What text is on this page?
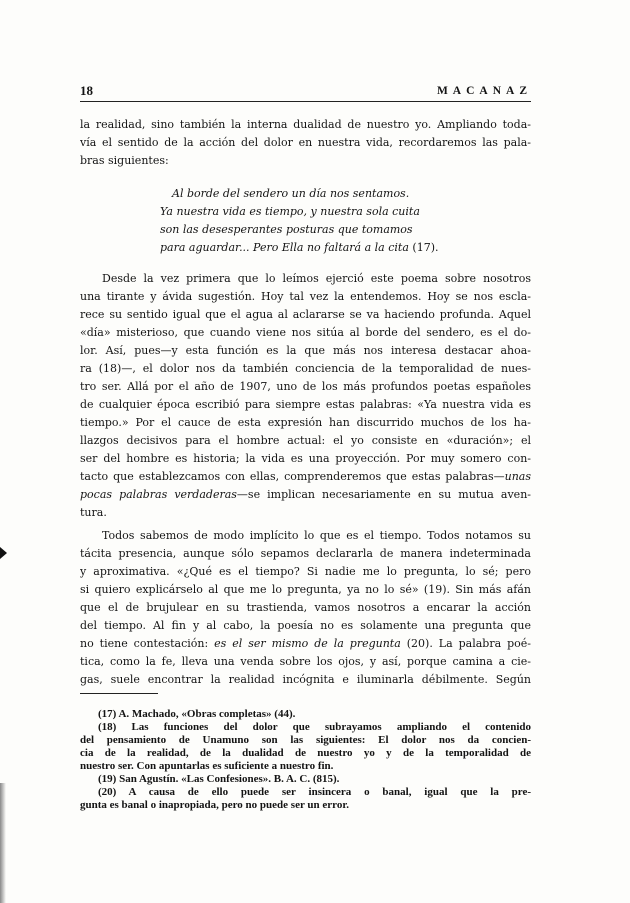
18	MACANAZ
la realidad, sino también la interna dualidad de nuestro yo. Ampliando toda-
vía el sentido de la acción del dolor en nuestra vida, recordaremos las pala-
bras siguientes:
Al borde del sendero un día nos sentamos.
Ya nuestra vida es tiempo, y nuestra sola cuita
son las desesperantes posturas que tomamos
para aguardar... Pero Ella no faltará a la cita (17).
Desde la vez primera que lo leímos ejerció este poema sobre nosotros
una tirante y ávida sugestión. Hoy tal vez la entendemos. Hoy se nos escla-
rece su sentido igual que el agua al aclararse se va haciendo profunda. Aquel
«día» misterioso, que cuando viene nos sitúa al borde del sendero, es el do-
lor. Así, pues—y esta función es la que más nos interesa destacar ahoa-
ra (18)—, el dolor nos da también conciencia de la temporalidad de nues-
tro ser. Allá por el año de 1907, uno de los más profundos poetas españoles
de cualquier época escribió para siempre estas palabras: «Ya nuestra vida es
tiempo.» Por el cauce de esta expresión han discurrido muchos de los ha-
llazgos decisivos para el hombre actual: el yo consiste en «duración»; el
ser del hombre es historia; la vida es una proyección. Por muy somero con-
tacto que establezcamos con ellas, comprenderemos que estas palabras—unas
pocas palabras verdaderas—se implican necesariamente en su mutua aven-
tura.
Todos sabemos de modo implícito lo que es el tiempo. Todos notamos su
tácita presencia, aunque sólo sepamos declararla de manera indeterminada
y aproximativa. «¿Qué es el tiempo? Si nadie me lo pregunta, lo sé; pero
si quiero explicárselo al que me lo pregunta, ya no lo sé» (19). Sin más afán
que el de brujulear en su trastienda, vamos nosotros a encarar la acción
del tiempo. Al fin y al cabo, la poesía no es solamente una pregunta que
no tiene contestación: es el ser mismo de la pregunta (20). La palabra poé-
tica, como la fe, lleva una venda sobre los ojos, y así, porque camina a cie-
gas, suele encontrar la realidad incógnita e iluminarla débilmente. Según
(17) A. Machado, «Obras completas» (44).
(18) Las funciones del dolor que subrayamos ampliando el contenido
del pensamiento de Unamuno son las siguientes: El dolor nos da concien-
cia de la realidad, de la dualidad de nuestro yo y de la temporalidad de
nuestro ser. Con apuntarlas es suficiente a nuestro fin.
(19) San Agustín. «Las Confesiones». B. A. C. (815).
(20) A causa de ello puede ser insincera o banal, igual que la pre-
gunta es banal o inapropiada, pero no puede ser un error.
